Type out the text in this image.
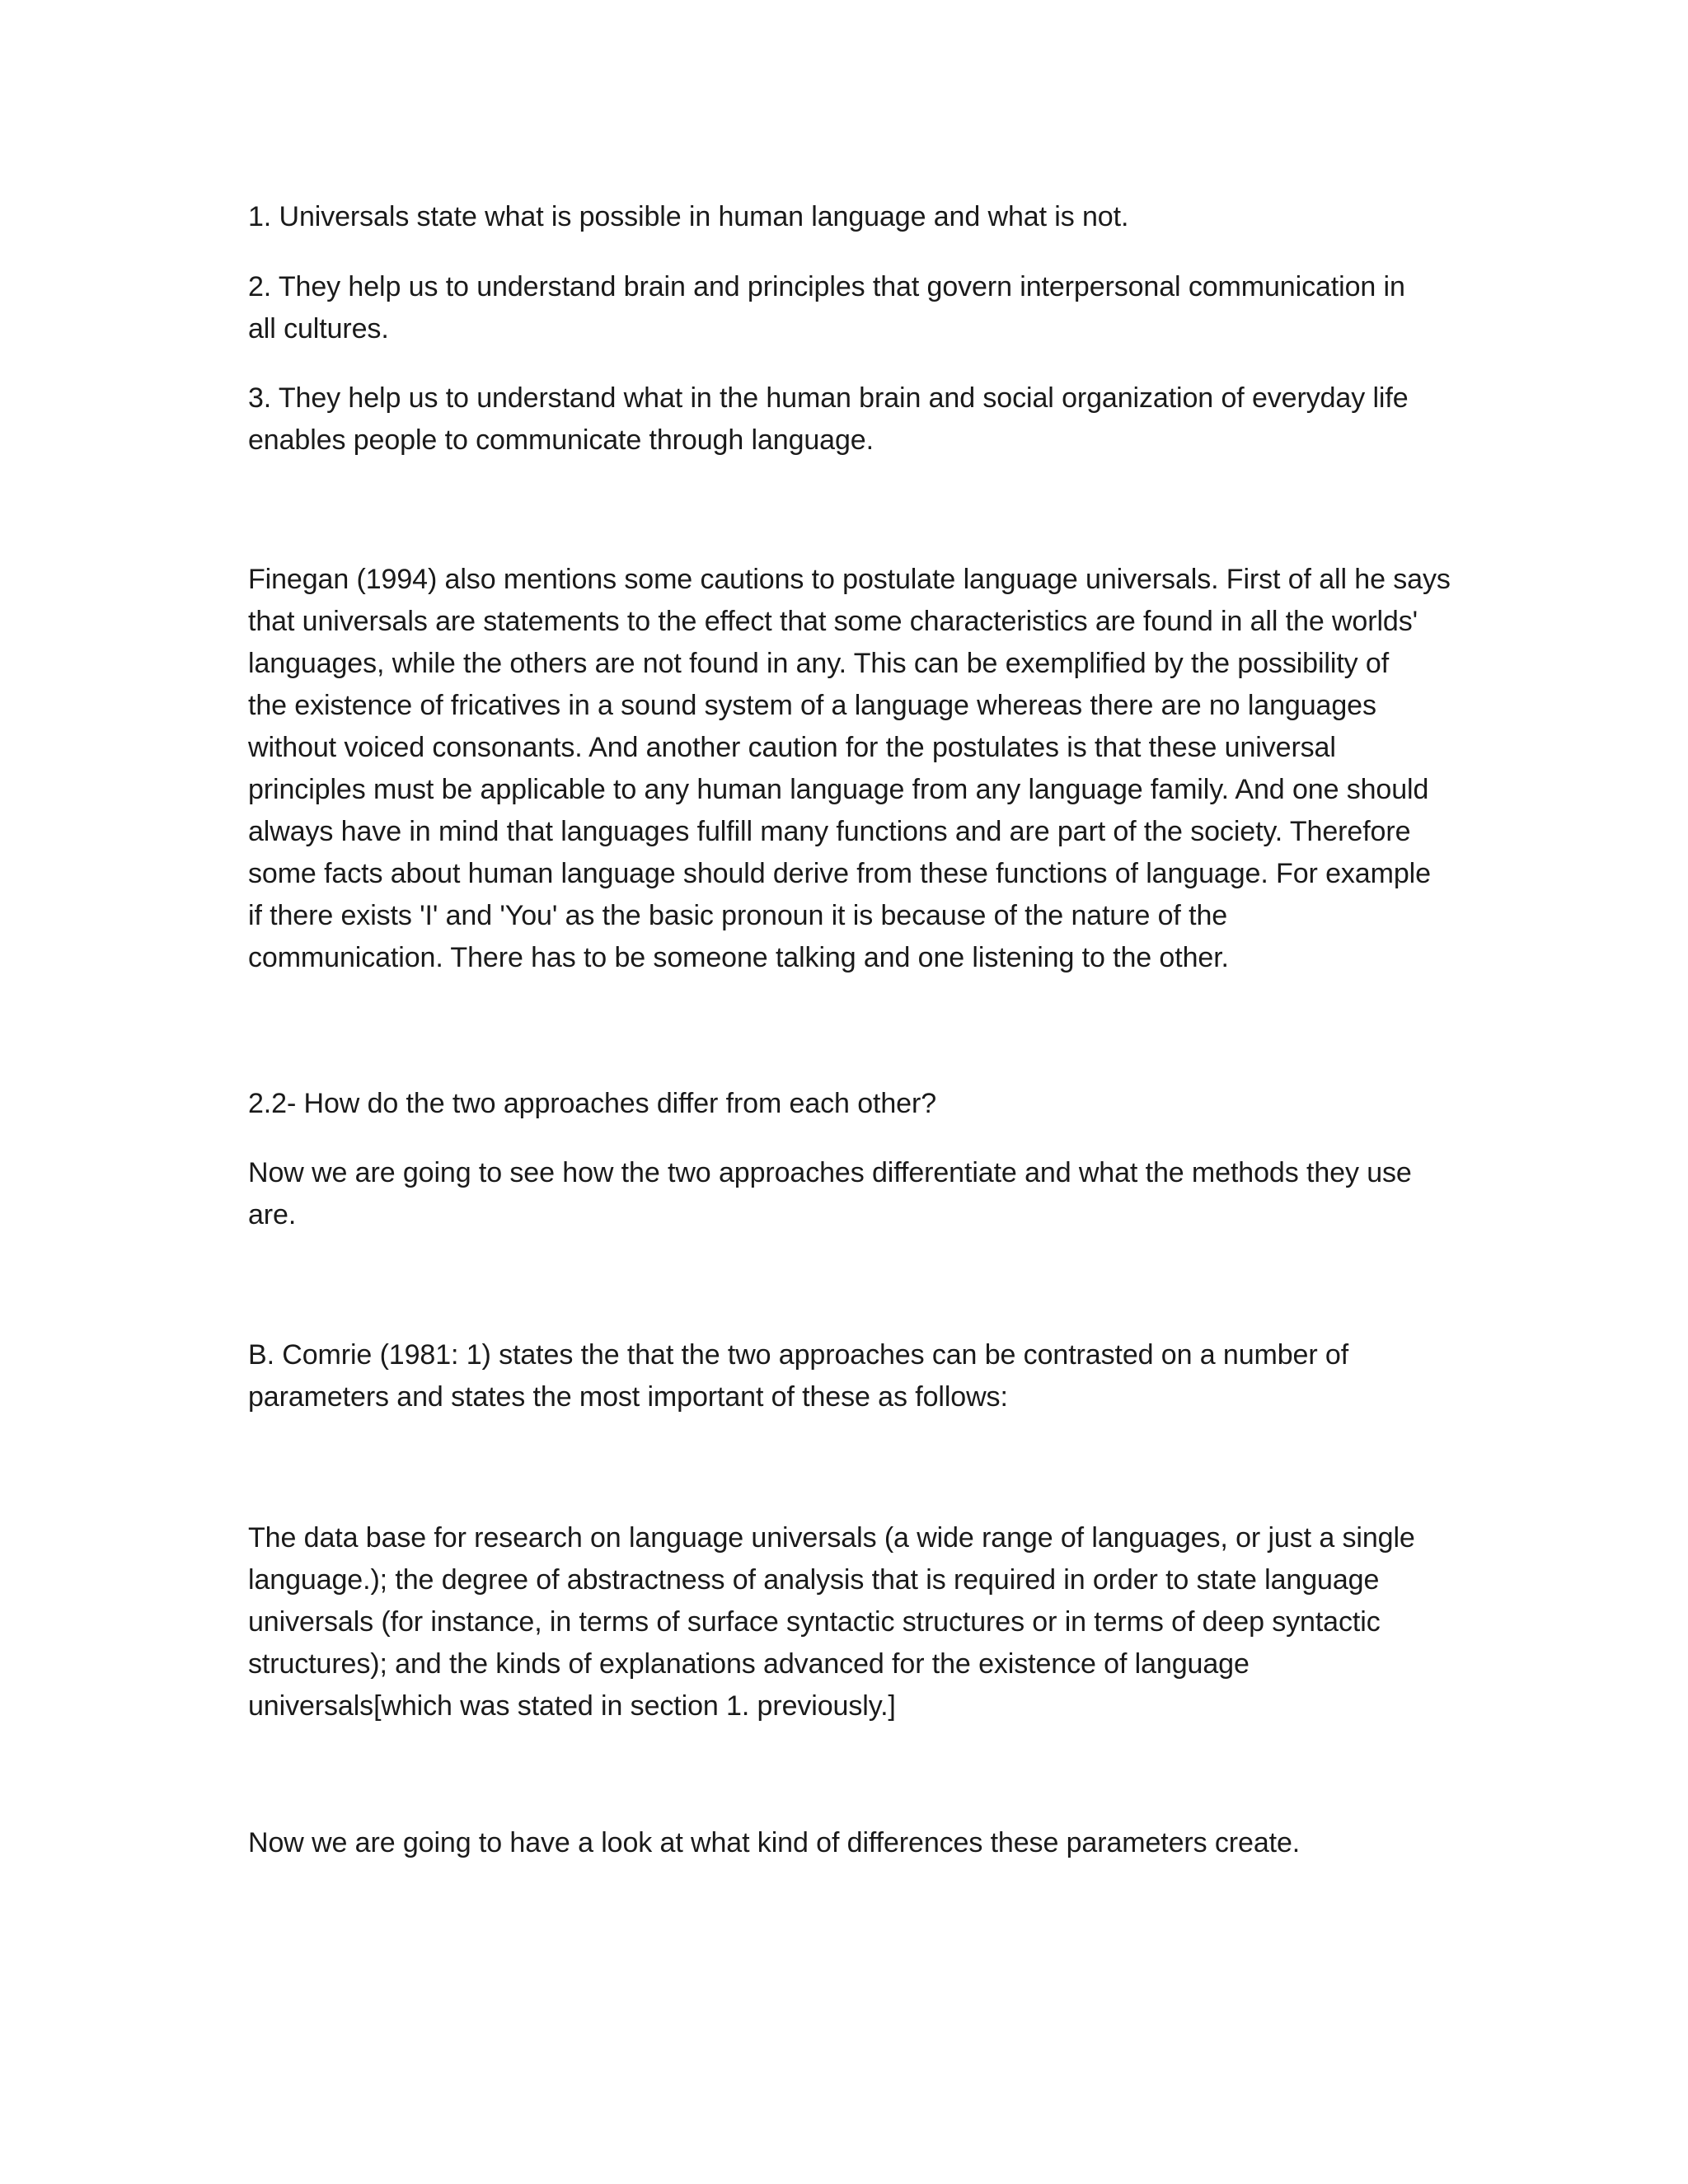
1. Universals state what is possible in human language and what is not.

2. They help us to understand brain and principles that govern interpersonal communication in
all cultures.

3. They help us to understand what in the human brain and social organization of everyday life
enables people to communicate through language.

Finegan (1994) also mentions some cautions to postulate language universals. First of all he says
that universals are statements to the effect that some characteristics are found in all the worlds'
languages, while the others are not found in any. This can be exemplified by the possibility of
the existence of fricatives in a sound system of a language whereas there are no languages
without voiced consonants. And another caution for the postulates is that these universal
principles must be applicable to any human language from any language family. And one should
always have in mind that languages fulfill many functions and are part of the society. Therefore
some facts about human language should derive from these functions of language. For example
if there exists 'I' and 'You' as the basic pronoun it is because of the nature of the
communication. There has to be someone talking and one listening to the other.

2.2- How do the two approaches differ from each other?

Now we are going to see how the two approaches differentiate and what the methods they use
are.

B. Comrie (1981: 1) states the that the two approaches can be contrasted on a number of
parameters and states the most important of these as follows:

The data base for research on language universals (a wide range of languages, or just a single
language.); the degree of abstractness of analysis that is required in order to state language
universals (for instance, in terms of surface syntactic structures or in terms of deep syntactic
structures); and the kinds of explanations advanced for the existence of language
universals[which was stated in section 1. previously.]

Now we are going to have a look at what kind of differences these parameters create.
